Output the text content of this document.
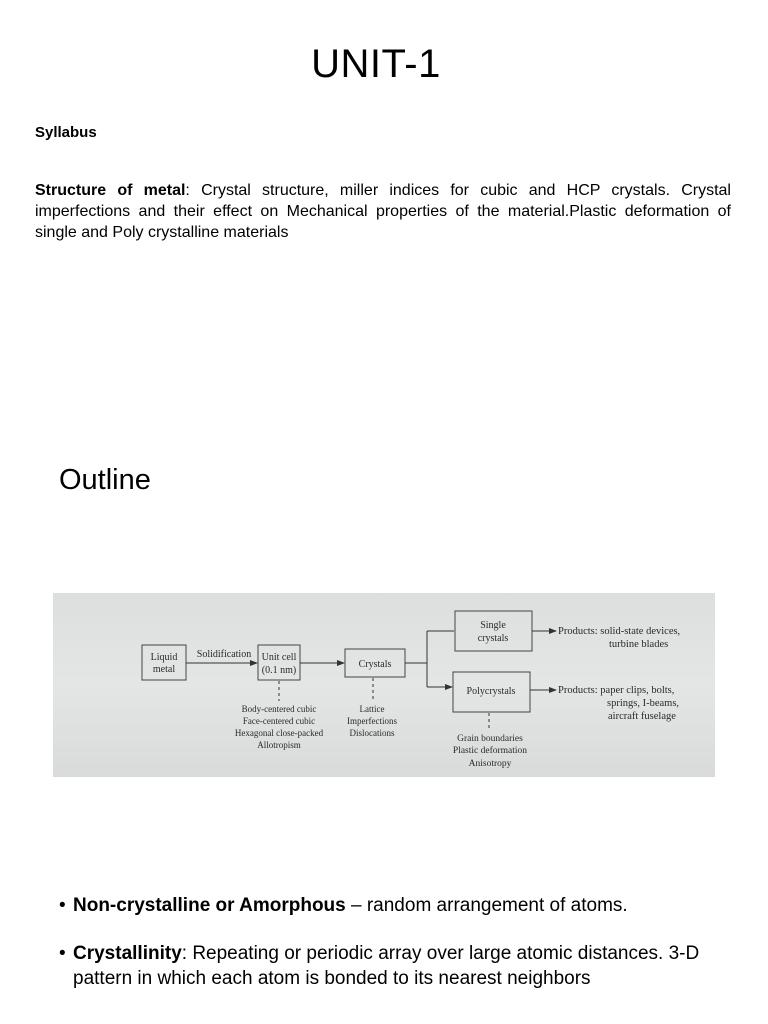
UNIT-1
Syllabus
Structure of metal: Crystal structure, miller indices for cubic and HCP crystals. Crystal imperfections and their effect on Mechanical properties of the material.Plastic deformation of single and Poly crystalline materials
Outline
Liquid
metal
Solidification Unit cell
(0.1 nm)
Crystals
Single
crystals
Polycrystals
Products: solid-state devices,
turbine blades
Products: paper clips, bolts,
springs, I-beams,
aircraft fuselage
Body-centered cubic
Face-centered cubic
Hexagonal close-packed
Allotropism
Lattice
Imperfections
Dislocations
Grain boundaries
Plastic deformation
Anisotropy
• Non-crystalline or Amorphous – random arrangement of atoms.
• Crystallinity: Repeating or periodic array over large atomic distances. 3-D pattern in which each atom is bonded to its nearest neighbors
